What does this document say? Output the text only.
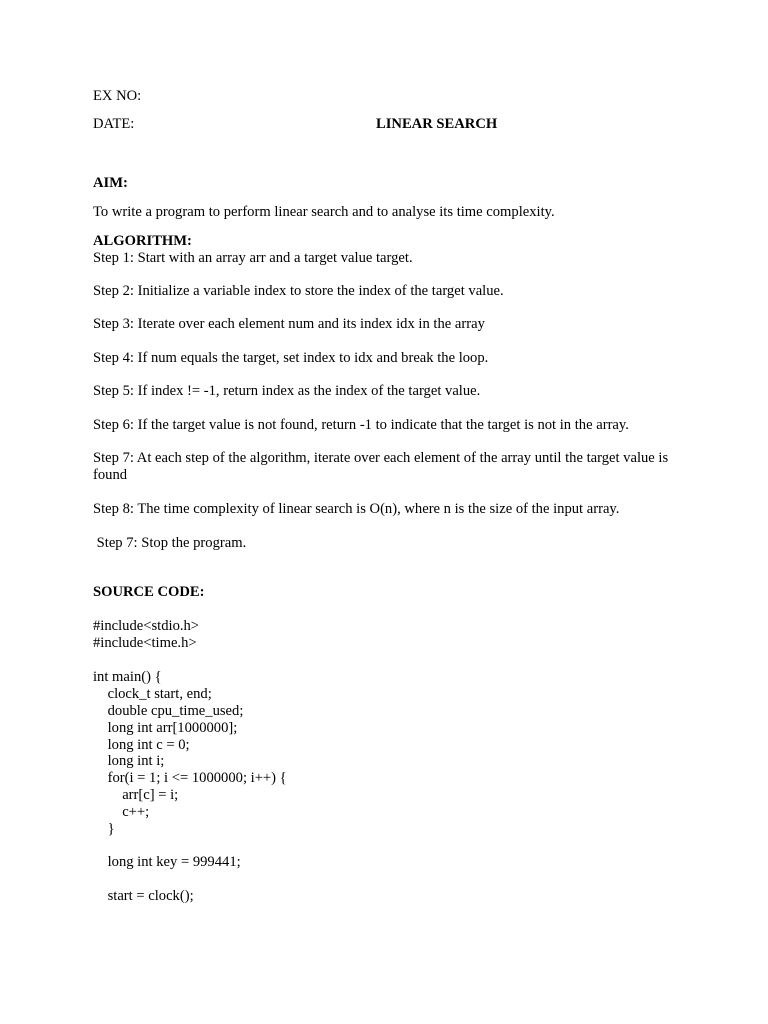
EX NO:
DATE:	LINEAR SEARCH
AIM:
To write a program to perform linear search and to analyse its time complexity.
ALGORITHM:
Step 1: Start with an array arr and a target value target.
Step 2: Initialize a variable index to store the index of the target value.
Step 3: Iterate over each element num and its index idx in the array
Step 4: If num equals the target, set index to idx and break the loop.
Step 5: If index != -1, return index as the index of the target value.
Step 6: If the target value is not found, return -1 to indicate that the target is not in the array.
Step 7: At each step of the algorithm, iterate over each element of the array until the target value is found
Step 8: The time complexity of linear search is O(n), where n is the size of the input array.
Step 7: Stop the program.
SOURCE CODE:
#include<stdio.h>
#include<time.h>
int main() {
clock_t start, end;
double cpu_time_used;
long int arr[1000000];
long int c = 0;
long int i;
for(i = 1; i <= 1000000; i++) {
arr[c] = i;
c++;
}
long int key = 999441;
start = clock();
